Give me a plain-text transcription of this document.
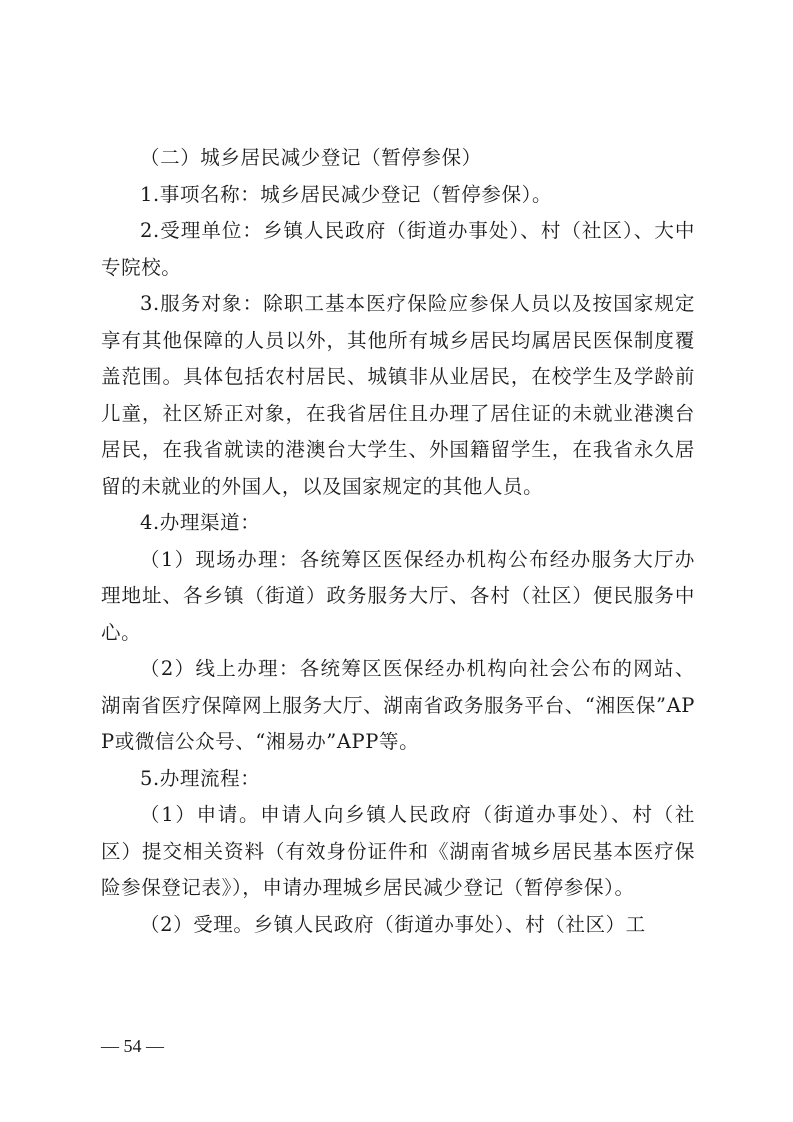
（二）城乡居民减少登记（暂停参保）

1.事项名称：城乡居民减少登记（暂停参保）。

2.受理单位：乡镇人民政府（街道办事处）、村（社区）、大中专院校。

3.服务对象：除职工基本医疗保险应参保人员以及按国家规定享有其他保障的人员以外，其他所有城乡居民均属居民医保制度覆盖范围。具体包括农村居民、城镇非从业居民，在校学生及学龄前儿童，社区矫正对象，在我省居住且办理了居住证的未就业港澳台居民，在我省就读的港澳台大学生、外国籍留学生，在我省永久居留的未就业的外国人，以及国家规定的其他人员。

4.办理渠道：

（1）现场办理：各统筹区医保经办机构公布经办服务大厅办理地址、各乡镇（街道）政务服务大厅、各村（社区）便民服务中心。

（2）线上办理：各统筹区医保经办机构向社会公布的网站、湖南省医疗保障网上服务大厅、湖南省政务服务平台、“湘医保”APP或微信公众号、“湘易办”APP等。

5.办理流程：

（1）申请。申请人向乡镇人民政府（街道办事处）、村（社区）提交相关资料（有效身份证件和《湖南省城乡居民基本医疗保险参保登记表》），申请办理城乡居民减少登记（暂停参保）。

（2）受理。乡镇人民政府（街道办事处）、村（社区）工

— 54 —
